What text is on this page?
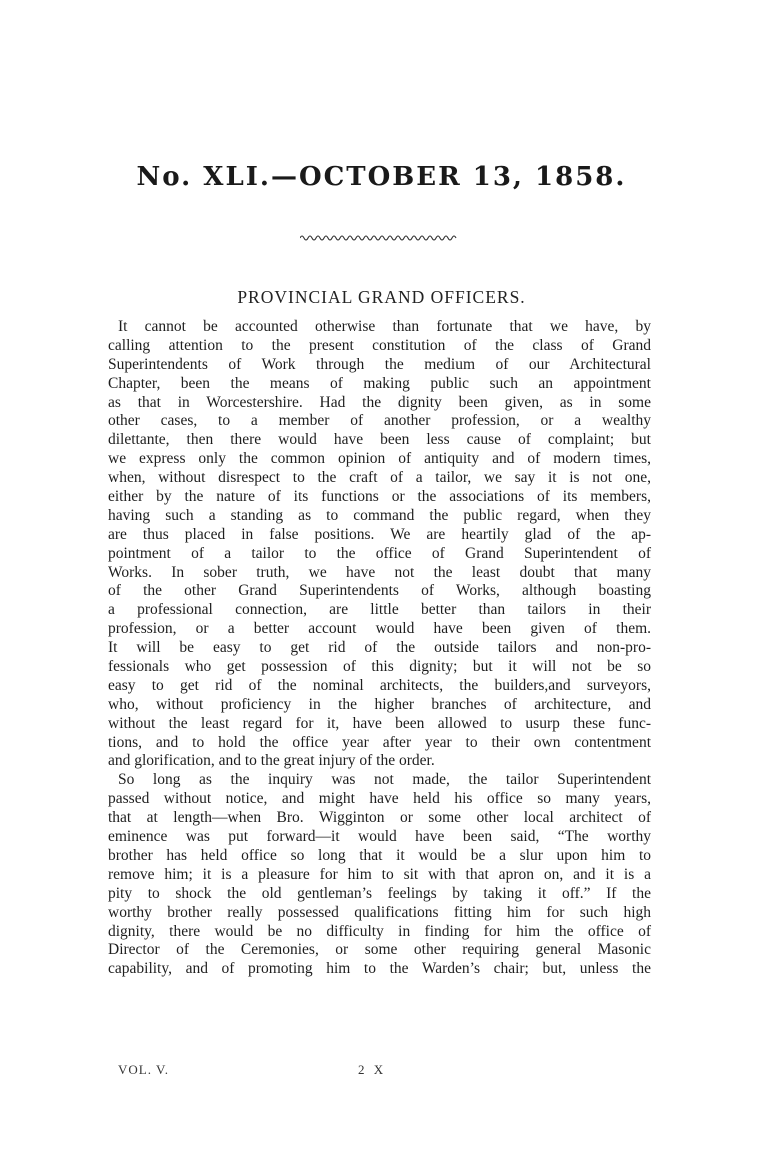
No. XLI.—OCTOBER 13, 1858.
PROVINCIAL GRAND OFFICERS.
It cannot be accounted otherwise than fortunate that we have, by
calling attention to the present constitution of the class of Grand
Superintendents of Work through the medium of our Architectural
Chapter, been the means of making public such an appointment
as that in Worcestershire. Had the dignity been given, as in some
other cases, to a member of another profession, or a wealthy
dilettante, then there would have been less cause of complaint; but
we express only the common opinion of antiquity and of modern times,
when, without disrespect to the craft of a tailor, we say it is not one,
either by the nature of its functions or the associations of its members,
having such a standing as to command the public regard, when they
are thus placed in false positions. We are heartily glad of the ap-
pointment of a tailor to the office of Grand Superintendent of
Works. In sober truth, we have not the least doubt that many
of the other Grand Superintendents of Works, although boasting
a professional connection, are little better than tailors in their
profession, or a better account would have been given of them.
It will be easy to get rid of the outside tailors and non-pro-
fessionals who get possession of this dignity; but it will not be so
easy to get rid of the nominal architects, the builders,and surveyors,
who, without proficiency in the higher branches of architecture, and
without the least regard for it, have been allowed to usurp these func-
tions, and to hold the office year after year to their own contentment
and glorification, and to the great injury of the order.
So long as the inquiry was not made, the tailor Superintendent
passed without notice, and might have held his office so many years,
that at length—when Bro. Wigginton or some other local architect of
eminence was put forward—it would have been said, “The worthy
brother has held office so long that it would be a slur upon him to
remove him; it is a pleasure for him to sit with that apron on, and it is a
pity to shock the old gentleman’s feelings by taking it off.” If the
worthy brother really possessed qualifications fitting him for such high
dignity, there would be no difficulty in finding for him the office of
Director of the Ceremonies, or some other requiring general Masonic
capability, and of promoting him to the Warden’s chair; but, unless the
VOL. V.	2 X
